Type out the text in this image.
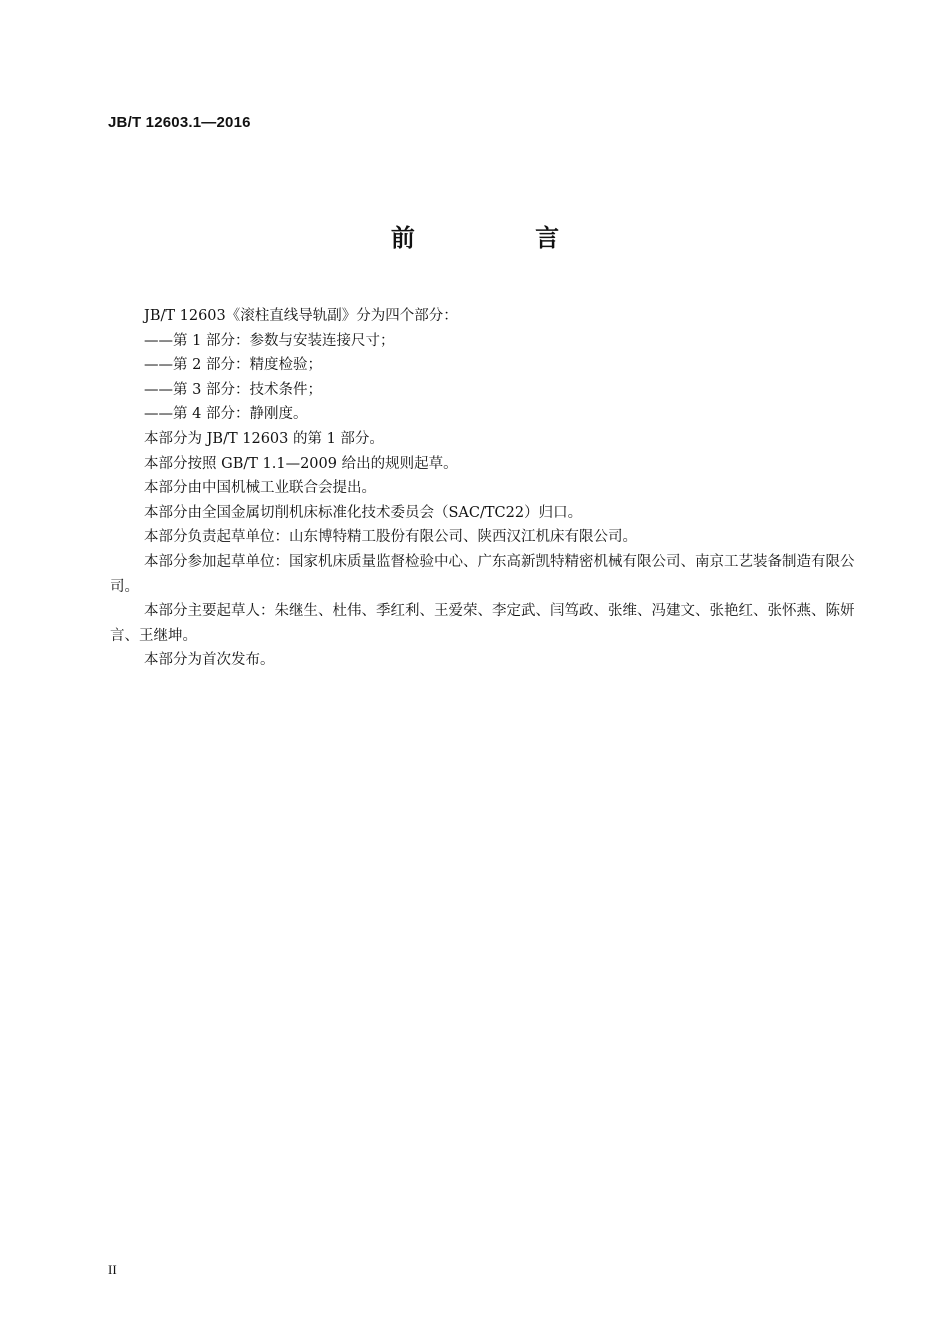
JB/T 12603.1—2016
前 言

JB/T 12603《滚柱直线导轨副》分为四个部分：

——第 1 部分：参数与安装连接尺寸；

——第 2 部分：精度检验；

——第 3 部分：技术条件；

——第 4 部分：静刚度。

本部分为 JB/T 12603 的第 1 部分。

本部分按照 GB/T 1.1—2009 给出的规则起草。

本部分由中国机械工业联合会提出。

本部分由全国金属切削机床标准化技术委员会（SAC/TC22）归口。

本部分负责起草单位：山东博特精工股份有限公司、陕西汉江机床有限公司。

本部分参加起草单位：国家机床质量监督检验中心、广东高新凯特精密机械有限公司、南京工艺装备制造有限公司。

本部分主要起草人：朱继生、杜伟、季红利、王爱荣、李定武、闫笃政、张维、冯建文、张艳红、张怀燕、陈妍言、王继坤。

本部分为首次发布。

II
